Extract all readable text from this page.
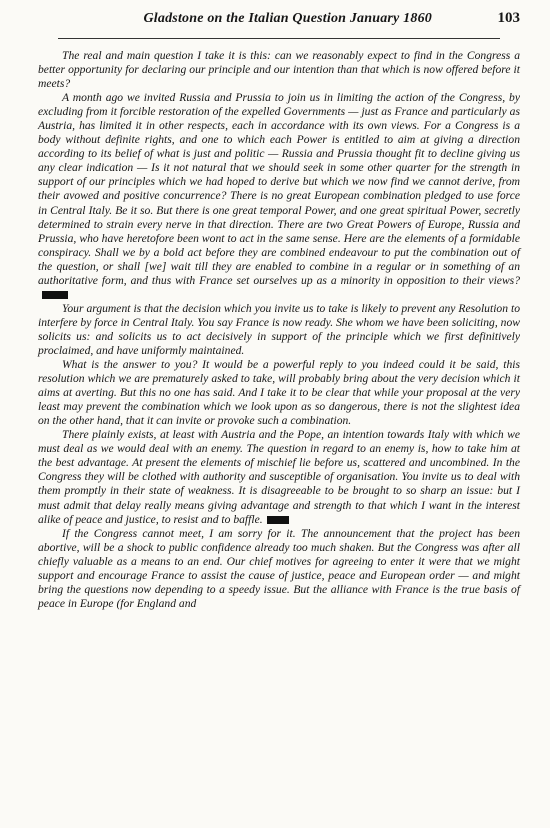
Gladstone on the Italian Question January 1860	103

The real and main question I take it is this: can we reasonably expect to find in the Congress a better opportunity for declaring our principle and our intention than that which is now offered before it meets?

A month ago we invited Russia and Prussia to join us in limiting the action of the Congress, by excluding from it forcible restoration of the expelled Governments — just as France and particularly as Austria, has limited it in other respects, each in accordance with its own views. For a Congress is a body without definite rights, and one to which each Power is entitled to aim at giving a direction according to its belief of what is just and politic — Russia and Prussia thought fit to decline giving us any clear indication — Is it not natural that we should seek in some other quarter for the strength in support of our principles which we had hoped to derive but which we now find we cannot derive, from their avowed and positive concurrence? There is no great European combination pledged to use force in Central Italy. Be it so. But there is one great temporal Power, and one great spiritual Power, secretly determined to strain every nerve in that direction. There are two Great Powers of Europe, Russia and Prussia, who have heretofore been wont to act in the same sense. Here are the elements of a formidable conspiracy. Shall we by a bold act before they are combined endeavour to put the combination out of the question, or shall [we] wait till they are enabled to combine in a regular or in something of an authoritative form, and thus with France set ourselves up as a minority in opposition to their views?

Your argument is that the decision which you invite us to take is likely to prevent any Resolution to interfere by force in Central Italy. You say France is now ready. She whom we have been soliciting, now solicits us: and solicits us to act decisively in support of the principle which we first definitively proclaimed, and have uniformly maintained.

What is the answer to you? It would be a powerful reply to you indeed could it be said, this resolution which we are prematurely asked to take, will probably bring about the very decision which it aims at averting. But this no one has said. And I take it to be clear that while your proposal at the very least may prevent the combination which we look upon as so dangerous, there is not the slightest idea on the other hand, that it can invite or provoke such a combination.

There plainly exists, at least with Austria and the Pope, an intention towards Italy with which we must deal as we would deal with an enemy. The question in regard to an enemy is, how to take him at the best advantage. At present the elements of mischief lie before us, scattered and uncombined. In the Congress they will be clothed with authority and susceptible of organisation. You invite us to deal with them promptly in their state of weakness. It is disagreeable to be brought to so sharp an issue: but I must admit that delay really means giving advantage and strength to that which I want in the interest alike of peace and justice, to resist and to baffle.

If the Congress cannot meet, I am sorry for it. The announcement that the project has been abortive, will be a shock to public confidence already too much shaken. But the Congress was after all chiefly valuable as a means to an end. Our chief motives for agreeing to enter it were that we might support and encourage France to assist the cause of justice, peace and European order — and might bring the questions now depending to a speedy issue. But the alliance with France is the true basis of peace in Europe (for England and
